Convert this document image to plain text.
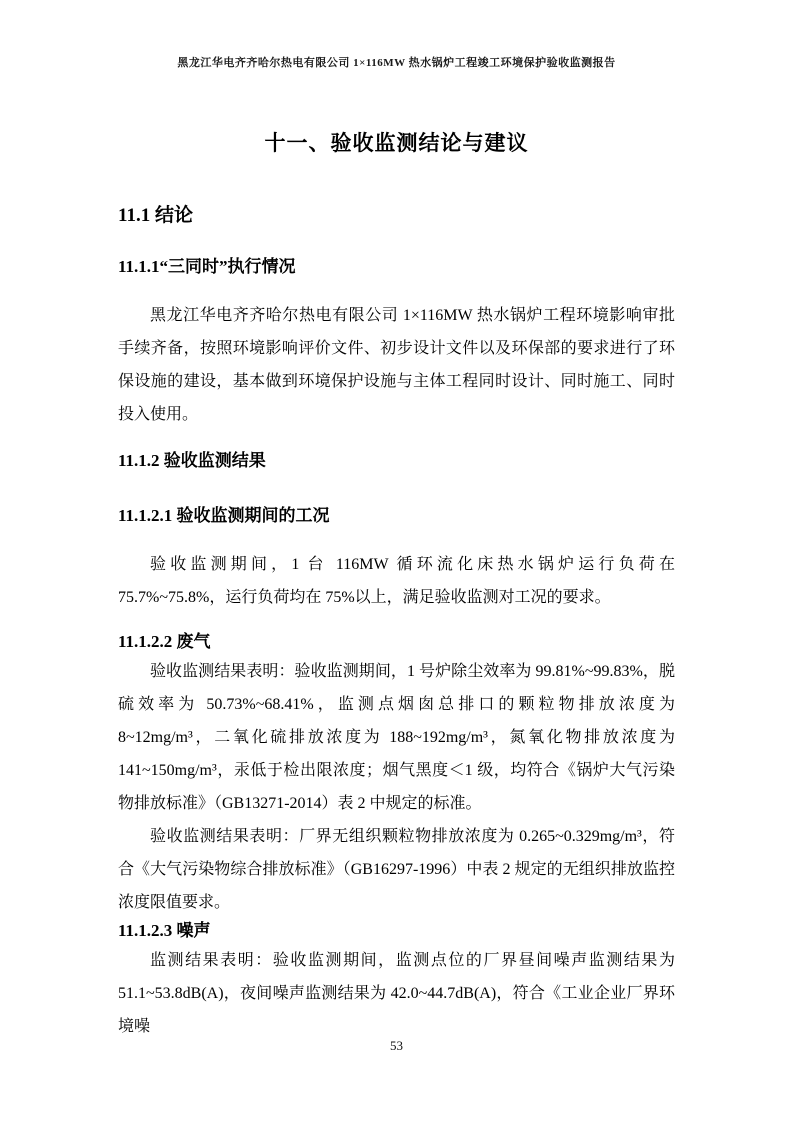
黑龙江华电齐齐哈尔热电有限公司 1×116MW 热水锅炉工程竣工环境保护验收监测报告
十一、验收监测结论与建议
11.1 结论
11.1.1“三同时”执行情况

黑龙江华电齐齐哈尔热电有限公司 1×116MW 热水锅炉工程环境影响审批手续齐备，按照环境影响评价文件、初步设计文件以及环保部的要求进行了环保设施的建设，基本做到环境保护设施与主体工程同时设计、同时施工、同时投入使用。

11.1.2 验收监测结果
11.1.2.1 验收监测期间的工况

验收监测期间，1 台 116MW 循环流化床热水锅炉运行负荷在 75.7%~75.8%，运行负荷均在 75%以上，满足验收监测对工况的要求。

11.1.2.2 废气

验收监测结果表明：验收监测期间，1 号炉除尘效率为 99.81%~99.83%，脱硫效率为 50.73%~68.41%，监测点烟囱总排口的颗粒物排放浓度为 8~12mg/m³，二氧化硫排放浓度为 188~192mg/m³，氮氧化物排放浓度为 141~150mg/m³，汞低于检出限浓度；烟气黑度＜1 级，均符合《锅炉大气污染物排放标准》（GB13271-2014）表 2 中规定的标准。

验收监测结果表明：厂界无组织颗粒物排放浓度为 0.265~0.329mg/m³，符合《大气污染物综合排放标准》（GB16297-1996）中表 2 规定的无组织排放监控浓度限值要求。

11.1.2.3 噪声

监测结果表明：验收监测期间，监测点位的厂界昼间噪声监测结果为 51.1~53.8dB(A)，夜间噪声监测结果为 42.0~44.7dB(A)，符合《工业企业厂界环境噪

53
